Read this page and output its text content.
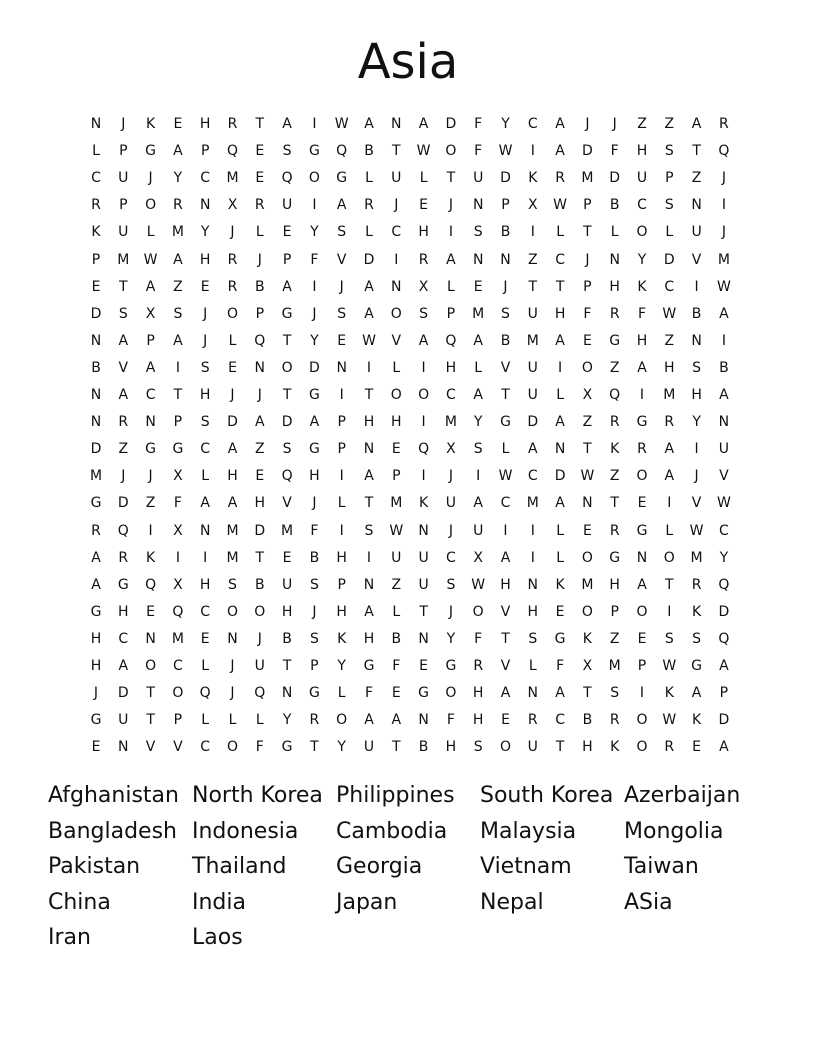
Asia
N	J	K	E	H	R	T	A	I	W	A	N	A	D	F	Y	C	A	J	J	Z	Z	A	R
L	P	G	A	P	Q	E	S	G	Q	B	T	W	O	F	W	I	A	D	F	H	S	T	Q
C	U	J	Y	C	M	E	Q	O	G	L	U	L	T	U	D	K	R	M	D	U	P	Z	J
R	P	O	R	N	X	R	U	I	A	R	J	E	J	N	P	X	W	P	B	C	S	N	I
K	U	L	M	Y	J	L	E	Y	S	L	C	H	I	S	B	I	L	T	L	O	L	U	J
P	M W	A	H	R	J	P	F	V	D	I	R	A	N	N	Z	C	J	N	Y	D	V	M
E	T	A	Z	E	R	B	A	I	J	A	N	X	L	E	J	T	T	P	H	K	C	I	W
D	S	X	S	J	O	P	G	J	S	A	O	S	P	M	S	U	H	F	R	F	W	B	A
N	A	P	A	J	L	Q	T	Y	E	W	V	A	Q	A	B	M	A	E	G	H	Z	N	I
B	V	A	I	S	E	N	O	D	N	I	L	I	H	L	V	U	I	O	Z	A	H	S	B
N	A	C	T	H	J	J	T	G	I	T	O	O	C	A	T	U	L	X	Q	I	M	H	A
N	R	N	P	S	D	A	D	A	P	H	H	I	M	Y	G	D	A	Z	R	G	R	Y	N
D	Z	G	G	C	A	Z	S	G	P	N	E	Q	X	S	L	A	N	T	K	R	A	I	U
M	J	J	X	L	H	E	Q	H	I	A	P	I	J	I	W	C	D	W	Z	O	A	J	V
G	D	Z	F	A	A	H	V	J	L	T	M	K	U	A	C	M	A	N	T	E	I	V	W
R	Q	I	X	N	M	D	M	F	I	S	W	N	J	U	I	I	L	E	R	G	L	W	C
A	R	K	I	I	M	T	E	B	H	I	U	U	C	X	A	I	L	O	G	N	O	M	Y
A	G	Q	X	H	S	B	U	S	P	N	Z	U	S	W	H	N	K	M	H	A	T	R	Q
G	H	E	Q	C	O	O	H	J	H	A	L	T	J	O	V	H	E	O	P	O	I	K	D
H	C	N	M	E	N	J	B	S	K	H	B	N	Y	F	T	S	G	K	Z	E	S	S	Q
H	A	O	C	L	J	U	T	P	Y	G	F	E	G	R	V	L	F	X	M	P	W	G	A
J	D	T	O	Q	J	Q	N	G	L	F	E	G	O	H	A	N	A	T	S	I	K	A	P
G	U	T	P	L	L	L	Y	R	O	A	A	N	F	H	E	R	C	B	R	O	W	K	D
E	N	V	V	C	O	F	G	T	Y	U	T	B	H	S	O	U	T	H	K	O	R	E	A
Afghanistan
Bangladesh
Pakistan
China
Iran
North Korea
Indonesia
Thailand
India
Laos
Philippines
Cambodia
Georgia
Japan
South Korea
Malaysia
Vietnam
Nepal
Azerbaijan
Mongolia
Taiwan
ASia
